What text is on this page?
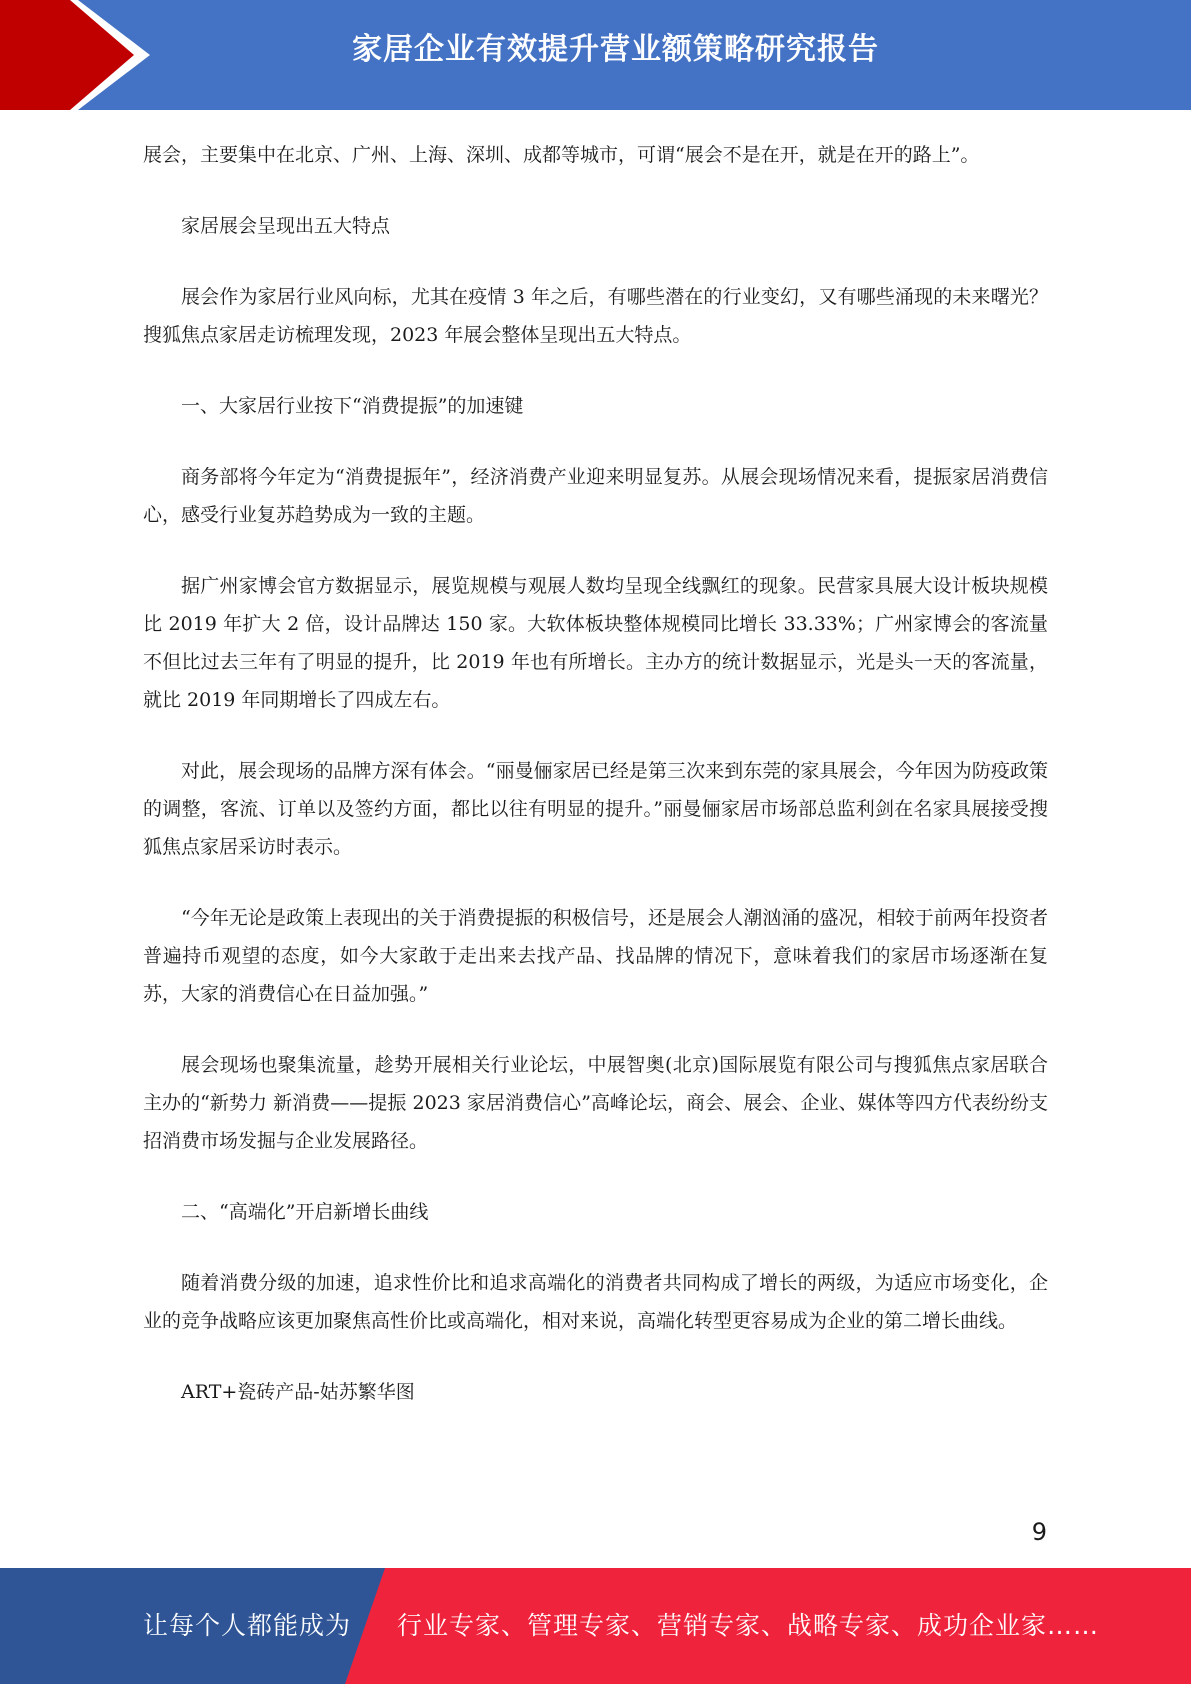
家居企业有效提升营业额策略研究报告

展会，主要集中在北京、广州、上海、深圳、成都等城市，可谓“展会不是在开，就是在开的路上”。

家居展会呈现出五大特点

展会作为家居行业风向标，尤其在疫情 3 年之后，有哪些潜在的行业变幻，又有哪些涌现的未来曙光？搜狐焦点家居走访梳理发现，2023 年展会整体呈现出五大特点。

一、大家居行业按下“消费提振”的加速键

商务部将今年定为“消费提振年”，经济消费产业迎来明显复苏。从展会现场情况来看，提振家居消费信心，感受行业复苏趋势成为一致的主题。

据广州家博会官方数据显示，展览规模与观展人数均呈现全线飘红的现象。民营家具展大设计板块规模比 2019 年扩大 2 倍，设计品牌达 150 家。大软体板块整体规模同比增长 33.33%；广州家博会的客流量不但比过去三年有了明显的提升，比 2019 年也有所增长。主办方的统计数据显示，光是头一天的客流量，就比 2019 年同期增长了四成左右。

对此，展会现场的品牌方深有体会。“丽曼俪家居已经是第三次来到东莞的家具展会，今年因为防疫政策的调整，客流、订单以及签约方面，都比以往有明显的提升。”丽曼俪家居市场部总监利剑在名家具展接受搜狐焦点家居采访时表示。

“今年无论是政策上表现出的关于消费提振的积极信号，还是展会人潮汹涌的盛况，相较于前两年投资者普遍持币观望的态度，如今大家敢于走出来去找产品、找品牌的情况下，意味着我们的家居市场逐渐在复苏，大家的消费信心在日益加强。”

展会现场也聚集流量，趁势开展相关行业论坛，中展智奥(北京)国际展览有限公司与搜狐焦点家居联合主办的“新势力 新消费——提振 2023 家居消费信心”高峰论坛，商会、展会、企业、媒体等四方代表纷纷支招消费市场发掘与企业发展路径。

二、“高端化”开启新增长曲线

随着消费分级的加速，追求性价比和追求高端化的消费者共同构成了增长的两级，为适应市场变化，企业的竞争战略应该更加聚焦高性价比或高端化，相对来说，高端化转型更容易成为企业的第二增长曲线。

ART+瓷砖产品-姑苏繁华图

9
让每个人都能成为 行业专家、管理专家、营销专家、战略专家、成功企业家……
